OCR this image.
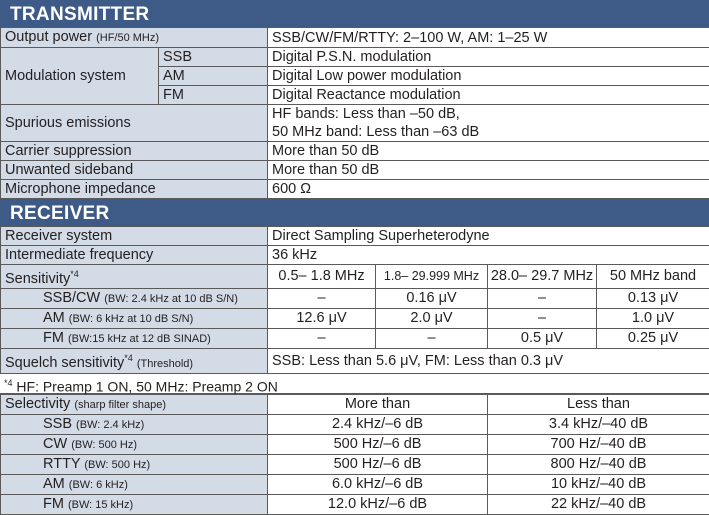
TRANSMITTER
Output power (HF/50 MHz)		SSB/CW/FM/RTTY: 2–100 W, AM: 1–25 W
Modulation system	SSB	Digital P.S.N. modulation
	AM	Digital Low power modulation
	FM	Digital Reactance modulation
Spurious emissions		HF bands: Less than –50 dB,
50 MHz band: Less than –63 dB

Carrier suppression		More than 50 dB
Unwanted sideband		More than 50 dB
Microphone impedance		600 Ω
RECEIVER
Receiver system	Direct Sampling Superheterodyne			
Intermediate frequency	36 kHz			
Sensitivity$^{*4}$	0.5– 1.8 MHz	1.8– 29.999 MHz	28.0– 29.7 MHz	50 MHz band
SSB/CW (BW: 2.4 kHz at 10 dB S/N)	–	0.16 μV	–	0.13 μV
AM (BW: 6 kHz at 10 dB S/N)	12.6 μV	2.0 μV	–	1.0 μV
FM (BW:15 kHz at 12 dB SINAD)	–	–	0.5 μV	0.25 μV
Squelch sensitivity$^{*4}$ (Threshold)	SSB: Less than 5.6 μV, FM: Less than 0.3 μV			
$^{*4}$ HF: Preamp 1 ON, 50 MHz: Preamp 2 ON
Selectivity (sharp filter shape)	More than	Less than
SSB (BW: 2.4 kHz)	2.4 kHz/–6 dB	3.4 kHz/–40 dB
CW (BW: 500 Hz)	500 Hz/–6 dB	700 Hz/–40 dB
RTTY (BW: 500 Hz)	500 Hz/–6 dB	800 Hz/–40 dB
AM (BW: 6 kHz)	6.0 kHz/–6 dB	10 kHz/–40 dB
FM (BW: 15 kHz)	12.0 kHz/–6 dB	22 kHz/–40 dB
